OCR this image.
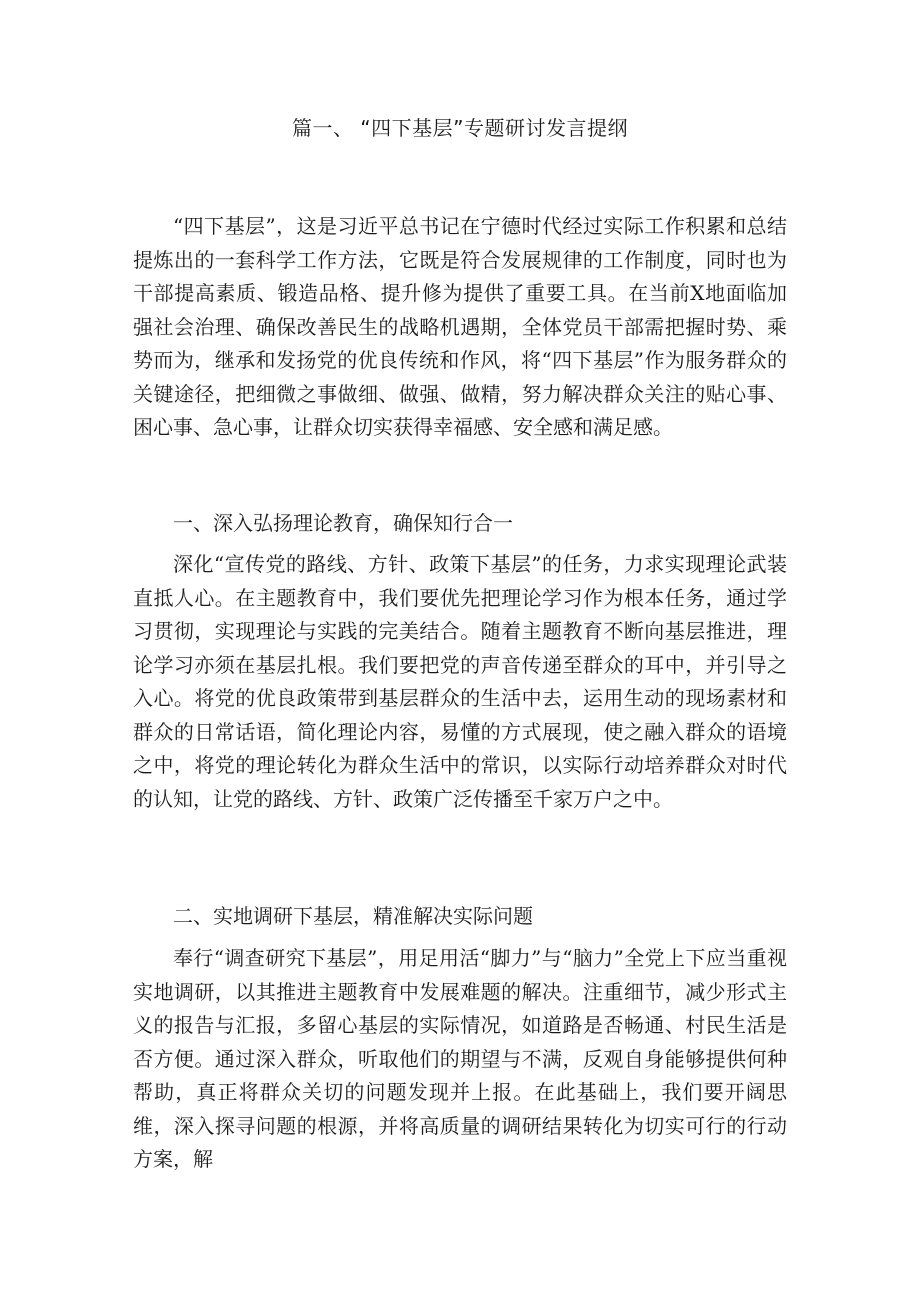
篇一、 “四下基层”专题研讨发言提纲

“四下基层”，这是习近平总书记在宁德时代经过实际工作积累和总结提炼出的一套科学工作方法，它既是符合发展规律的工作制度，同时也为干部提高素质、锻造品格、提升修为提供了重要工具。在当前X地面临加强社会治理、确保改善民生的战略机遇期，全体党员干部需把握时势、乘势而为，继承和发扬党的优良传统和作风，将“四下基层”作为服务群众的关键途径，把细微之事做细、做强、做精，努力解决群众关注的贴心事、困心事、急心事，让群众切实获得幸福感、安全感和满足感。

一、深入弘扬理论教育，确保知行合一

深化“宣传党的路线、方针、政策下基层”的任务，力求实现理论武装直抵人心。在主题教育中，我们要优先把理论学习作为根本任务，通过学习贯彻，实现理论与实践的完美结合。随着主题教育不断向基层推进，理论学习亦须在基层扎根。我们要把党的声音传递至群众的耳中，并引导之入心。将党的优良政策带到基层群众的生活中去，运用生动的现场素材和群众的日常话语，简化理论内容，易懂的方式展现，使之融入群众的语境之中，将党的理论转化为群众生活中的常识，以实际行动培养群众对时代的认知，让党的路线、方针、政策广泛传播至千家万户之中。

二、实地调研下基层，精准解决实际问题

奉行“调查研究下基层”，用足用活“脚力”与“脑力”全党上下应当重视实地调研，以其推进主题教育中发展难题的解决。注重细节，减少形式主义的报告与汇报，多留心基层的实际情况，如道路是否畅通、村民生活是否方便。通过深入群众，听取他们的期望与不满，反观自身能够提供何种帮助，真正将群众关切的问题发现并上报。在此基础上，我们要开阔思维，深入探寻问题的根源，并将高质量的调研结果转化为切实可行的行动方案，解
